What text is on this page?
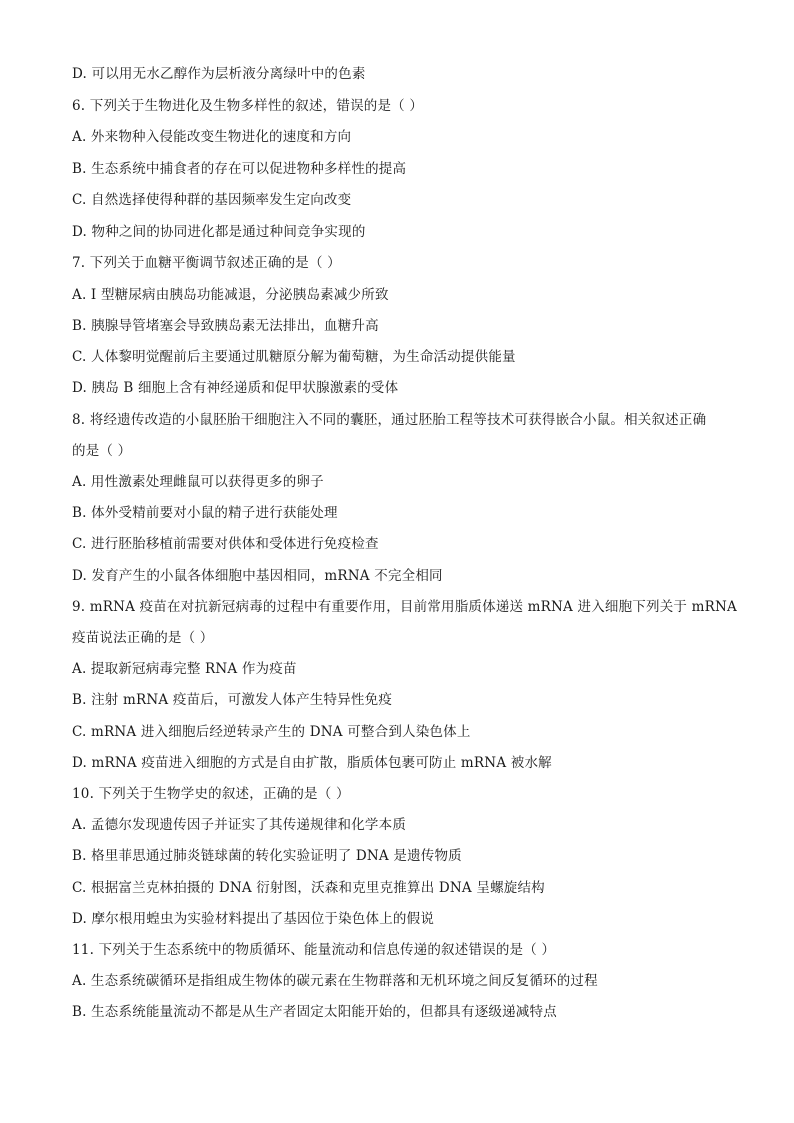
D. 可以用无水乙醇作为层析液分离绿叶中的色素
6. 下列关于生物进化及生物多样性的叙述，错误的是（ ）
A. 外来物种入侵能改变生物进化的速度和方向
B. 生态系统中捕食者的存在可以促进物种多样性的提高
C. 自然选择使得种群的基因频率发生定向改变
D. 物种之间的协同进化都是通过种间竞争实现的
7. 下列关于血糖平衡调节叙述正确的是（ ）
A. I 型糖尿病由胰岛功能减退，分泌胰岛素减少所致
B. 胰腺导管堵塞会导致胰岛素无法排出，血糖升高
C. 人体黎明觉醒前后主要通过肌糖原分解为葡萄糖，为生命活动提供能量
D. 胰岛 B 细胞上含有神经递质和促甲状腺激素的受体
8. 将经遗传改造的小鼠胚胎干细胞注入不同的囊胚，通过胚胎工程等技术可获得嵌合小鼠。相关叙述正确
的是（ ）
A. 用性激素处理雌鼠可以获得更多的卵子
B. 体外受精前要对小鼠的精子进行获能处理
C. 进行胚胎移植前需要对供体和受体进行免疫检查
D. 发育产生的小鼠各体细胞中基因相同，mRNA 不完全相同
9. mRNA 疫苗在对抗新冠病毒的过程中有重要作用，目前常用脂质体递送 mRNA 进入细胞下列关于 mRNA
疫苗说法正确的是（ ）
A. 提取新冠病毒完整 RNA 作为疫苗
B. 注射 mRNA 疫苗后，可激发人体产生特异性免疫
C. mRNA 进入细胞后经逆转录产生的 DNA 可整合到人染色体上
D. mRNA 疫苗进入细胞的方式是自由扩散，脂质体包裹可防止 mRNA 被水解
10. 下列关于生物学史的叙述，正确的是（ ）
A. 孟德尔发现遗传因子并证实了其传递规律和化学本质
B. 格里菲思通过肺炎链球菌的转化实验证明了 DNA 是遗传物质
C. 根据富兰克林拍摄的 DNA 衍射图，沃森和克里克推算出 DNA 呈螺旋结构
D. 摩尔根用蝗虫为实验材料提出了基因位于染色体上的假说
11. 下列关于生态系统中的物质循环、能量流动和信息传递的叙述错误的是（ ）
A. 生态系统碳循环是指组成生物体的碳元素在生物群落和无机环境之间反复循环的过程
B. 生态系统能量流动不都是从生产者固定太阳能开始的，但都具有逐级递减特点
